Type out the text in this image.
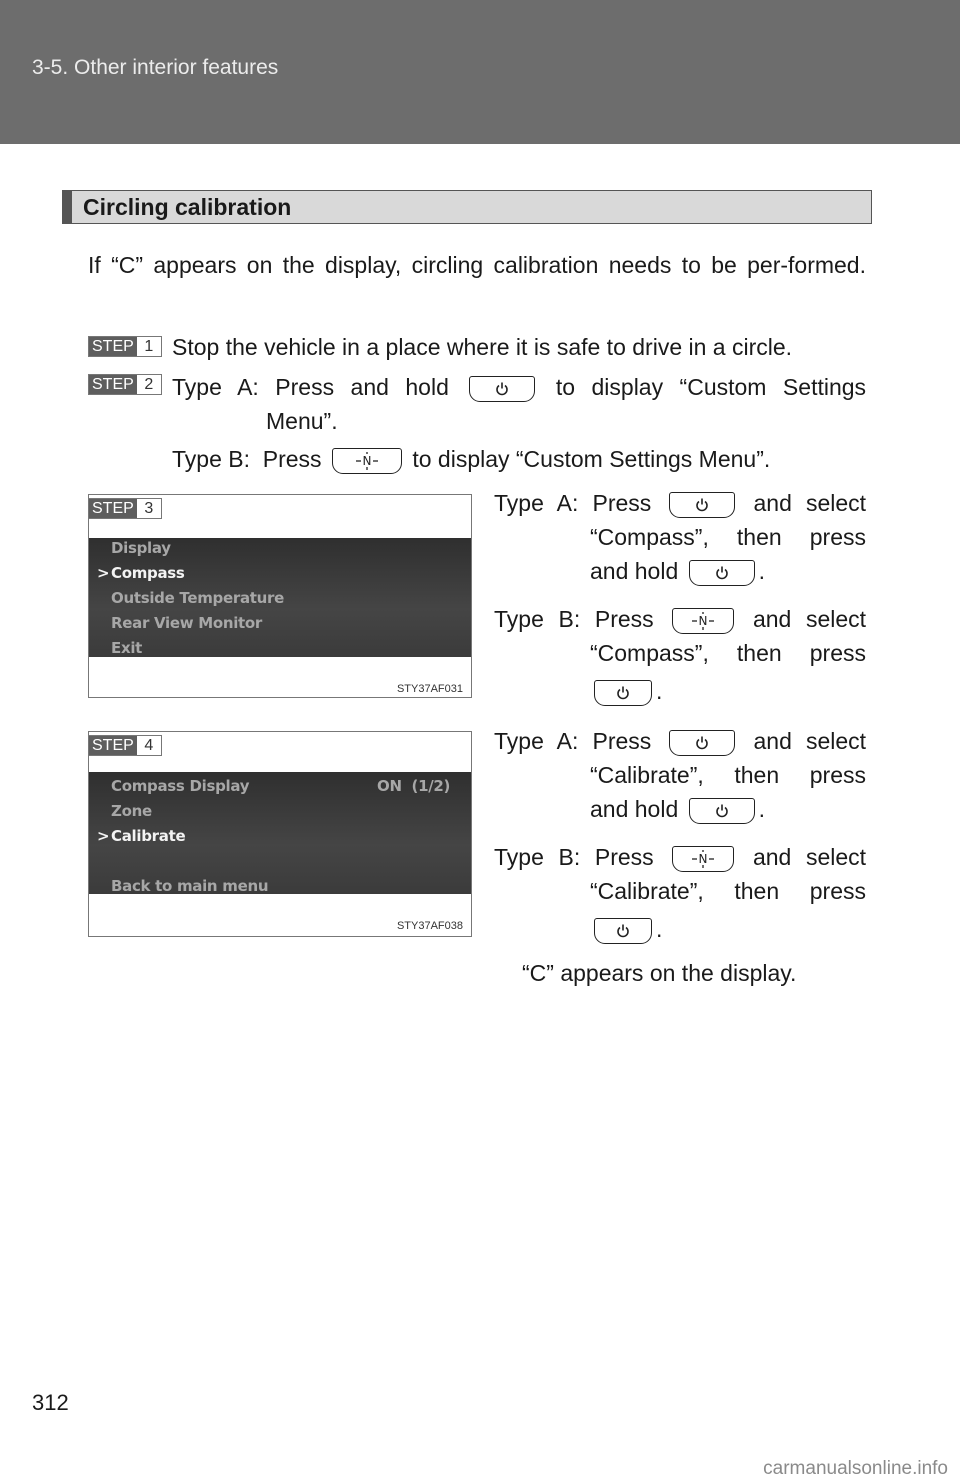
3-5. Other interior features
Circling calibration
If “C” appears on the display, circling calibration needs to be per-formed.
STEP 1 Stop the vehicle in a place where it is safe to drive in a circle.
STEP 2 Type A: Press and hold	to display “Custom Settings
Menu”.
Type B: Press	N to display “Custom Settings Menu”.
STEP 3
Display
> Compass
Outside Temperature
Rear View Monitor
Exit
STY37AF031
Type A: Press	and select
“Compass”, then press
and hold	.
Type B: Press	N and select
“Compass”, then press
.
STEP 4
Compass Display	ON  (1/2)
Zone
> Calibrate
Back to main menu
STY37AF038
Type A: Press	and select
“Calibrate”, then press
and hold	.
Type B: Press	N and select
“Calibrate”, then press
.
“C” appears on the display.
312
carmanualsonline.info
